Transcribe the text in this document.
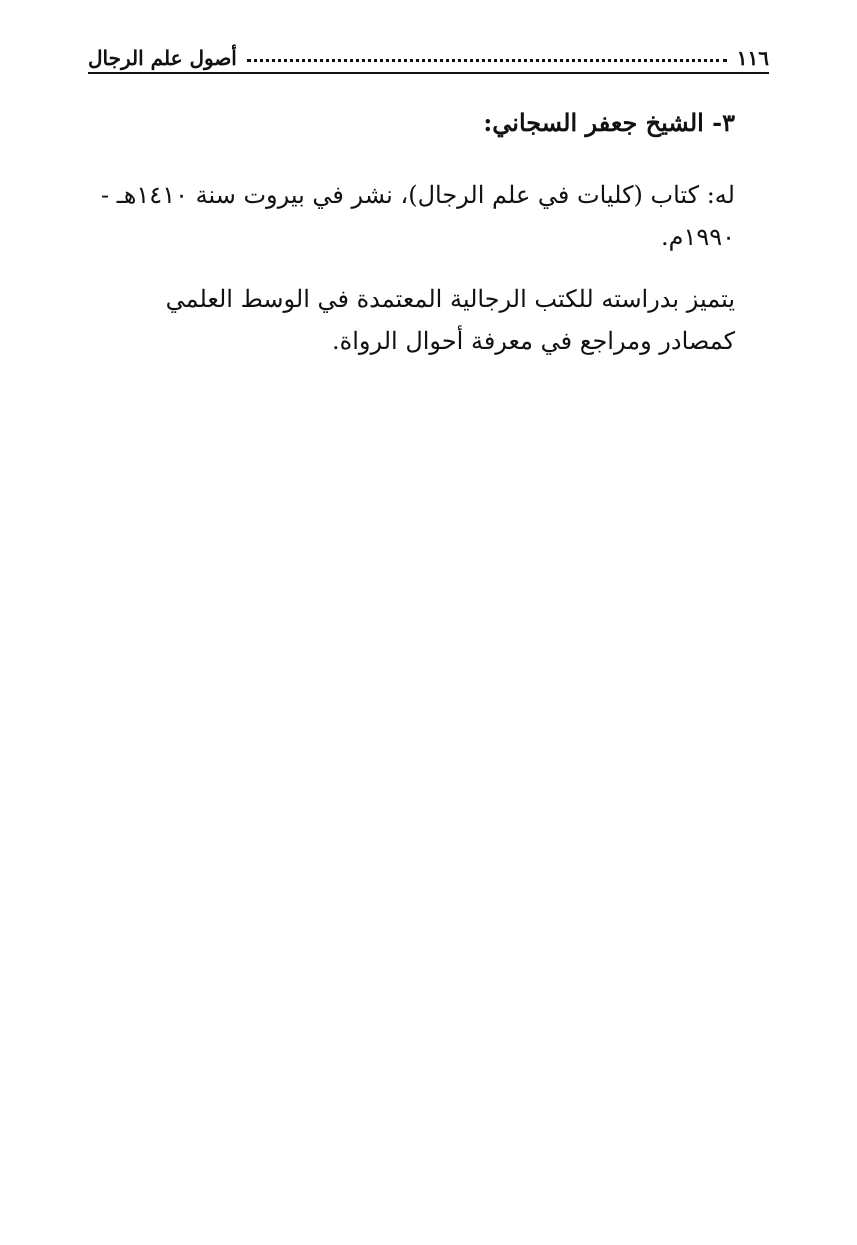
١١٦
أصول علم الرجال

٣- الشيخ جعفر السجاني:

له: كتاب (كليات في علم الرجال)، نشر في بيروت سنة ١٤١٠هـ - ١٩٩٠م.

يتميز بدراسته للكتب الرجالية المعتمدة في الوسط العلمي كمصادر ومراجع في معرفة أحوال الرواة.
